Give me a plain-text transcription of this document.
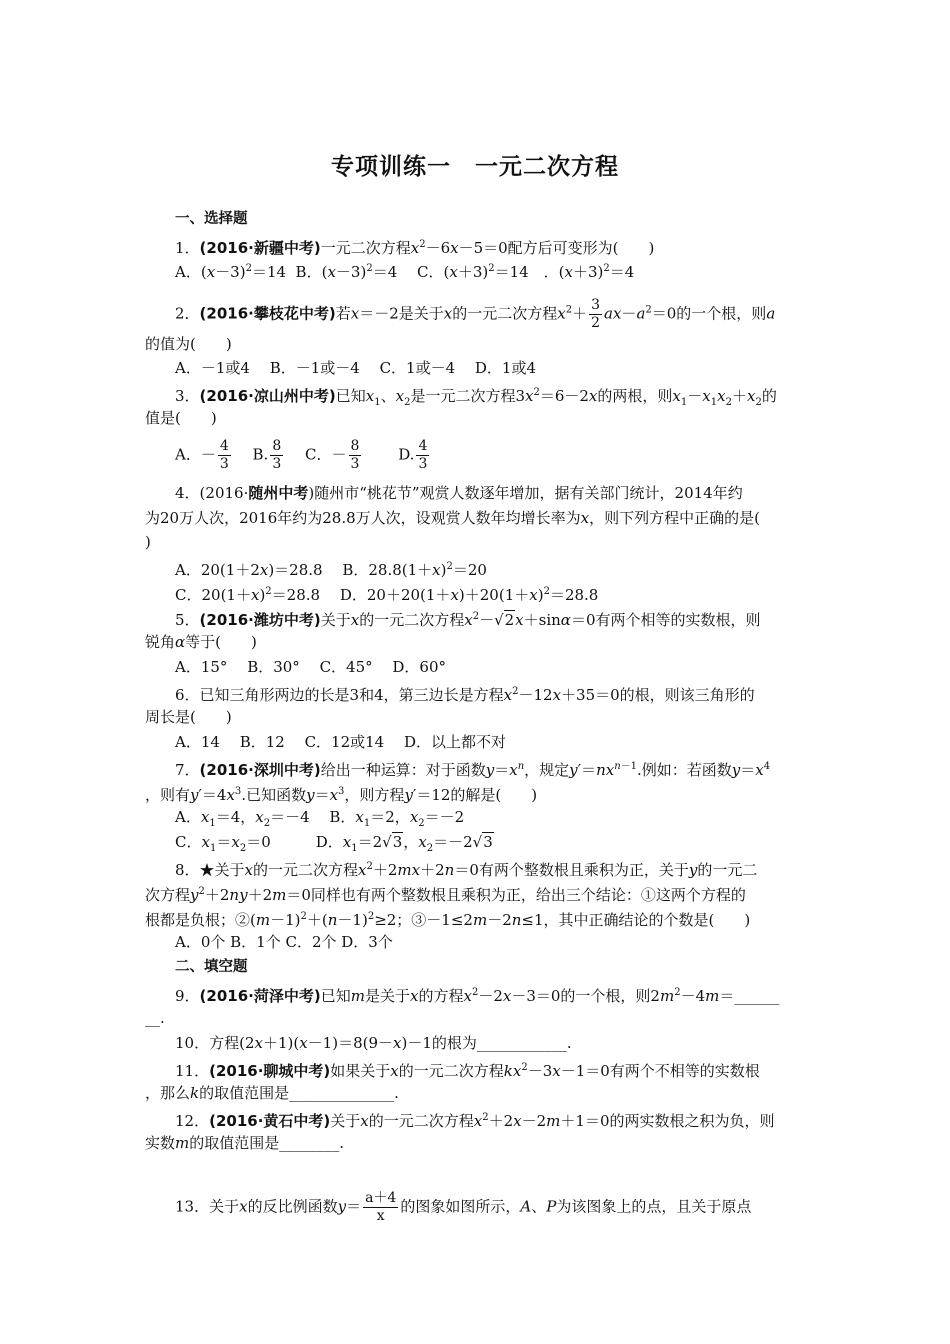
专项训练一　一元二次方程
一、选择题
1．(2016·新疆中考)一元二次方程$x^2-6x-5=0$配方后可变形为(　　)
A．$(x-3)^2=14$  B．$(x-3)^2=4$　 C．$(x+3)^2=14$　．$(x+3)^2=4$
2．(2016·攀枝花中考)若x＝－2是关于x的一元二次方程$x^2+ \frac{3}{2} ax-a^2=0$的一个根，则a
的值为(　　)
A．－1或4　 B．－1或－4　 C．1或－4　 D．1或4
3．(2016·凉山州中考)已知$x_1$、$x_2$是一元二次方程$3x^2=6-2x$的两根，则$x_1-x_1x_2+x_2$的
值是(　　)
A．－ $\frac{4}{3}$ 　 B. $\frac{8}{3}$ 　 C．－ $\frac{8}{3}$ 　　 D. $\frac{4}{3}$
4．(2016·随州中考)随州市“桃花节”观赏人数逐年增加，据有关部门统计，2014年约
为20万人次，2016年约为28.8万人次，设观赏人数年均增长率为x，则下列方程中正确的是(
)
A．20(1＋2x)＝28.8　 B．$28.8(1+x)^2=20$
C．$20(1+x)^2=28.8$　 D．$20+20(1+x)+20(1+x)^2=28.8$
5．(2016·潍坊中考)关于x的一元二次方程$x^2-√2x+\sin\alpha=0$有两个相等的实数根，则
锐角α等于(　　)
A．15°　 B．30°　 C．45°　 D．60°
6．已知三角形两边的长是3和4，第三边长是方程$x^2-12x+35=0$的根，则该三角形的
周长是(　　)
A．14　 B．12　 C．12或14　 D．以上都不对
7．(2016·深圳中考)给出一种运算：对于函数$y=x^n$，规定$y'=nx^{n-1}$.例如：若函数$y=x^4$
，则有$y'=4x^3$.已知函数$y=x^3$，则方程y′＝12的解是(　　)
A．$x_1=4$，$x_2=-4$　 B．$x_1=2$，$x_2=-2$
C．$x_1=x_2=0$　　　D．$x_1=2√3$，$x_2=-2√3$
8．★关于x的一元二次方程$x^2+2mx+2n=0$有两个整数根且乘积为正，关于y的一元二
次方程$y^2+2ny+2m=0$同样也有两个整数根且乘积为正，给出三个结论：①这两个方程的
根都是负根；$②(m-1)^2+(n-1)^2\ge 2$；③－1≤2m－2n≤1，其中正确结论的个数是(　　)
A．0个 B．1个 C．2个 D．3个
二、填空题
9．(2016·菏泽中考)已知m是关于x的方程$x^2-2x-3=0$的一个根，则$2m^2-4m=\_\_\_\_\_\_$
__.
10．方程(2x＋1)(x－1)＝8(9－x)－1的根为____________.
11．(2016·聊城中考)如果关于x的一元二次方程$kx^2-3x-1=0$有两个不相等的实数根
，那么k的取值范围是______________.
12．(2016·黄石中考)关于x的一元二次方程$x^2+2x-2m+1=0$的两实数根之积为负，则
实数m的取值范围是________.
13．关于x的反比例函数$y= \frac{a+4}{x}$ 的图象如图所示，A、P为该图象上的点，且关于原点
